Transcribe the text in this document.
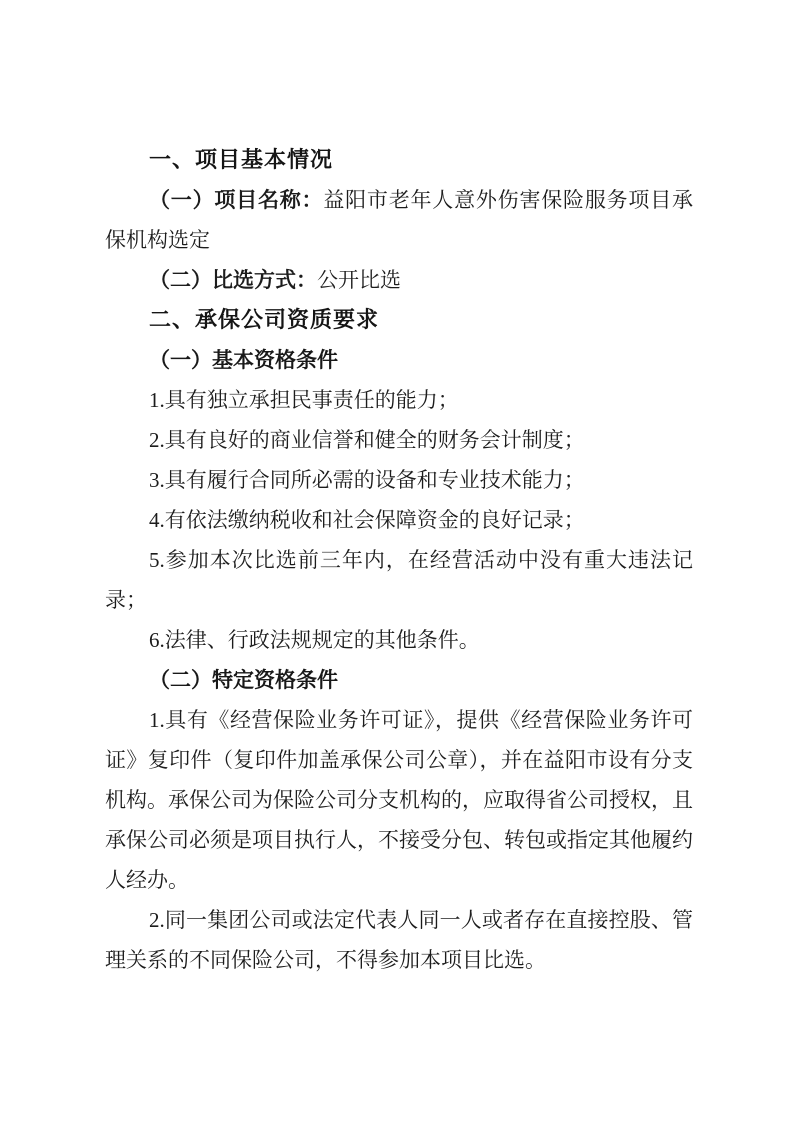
一、项目基本情况

（一）项目名称：益阳市老年人意外伤害保险服务项目承保机构选定

（二）比选方式：公开比选

二、承保公司资质要求

（一）基本资格条件

1.具有独立承担民事责任的能力；

2.具有良好的商业信誉和健全的财务会计制度；

3.具有履行合同所必需的设备和专业技术能力；

4.有依法缴纳税收和社会保障资金的良好记录；

5.参加本次比选前三年内，在经营活动中没有重大违法记录；

6.法律、行政法规规定的其他条件。

（二）特定资格条件

1.具有《经营保险业务许可证》，提供《经营保险业务许可证》复印件（复印件加盖承保公司公章），并在益阳市设有分支机构。承保公司为保险公司分支机构的，应取得省公司授权，且承保公司必须是项目执行人，不接受分包、转包或指定其他履约人经办。

2.同一集团公司或法定代表人同一人或者存在直接控股、管理关系的不同保险公司，不得参加本项目比选。
